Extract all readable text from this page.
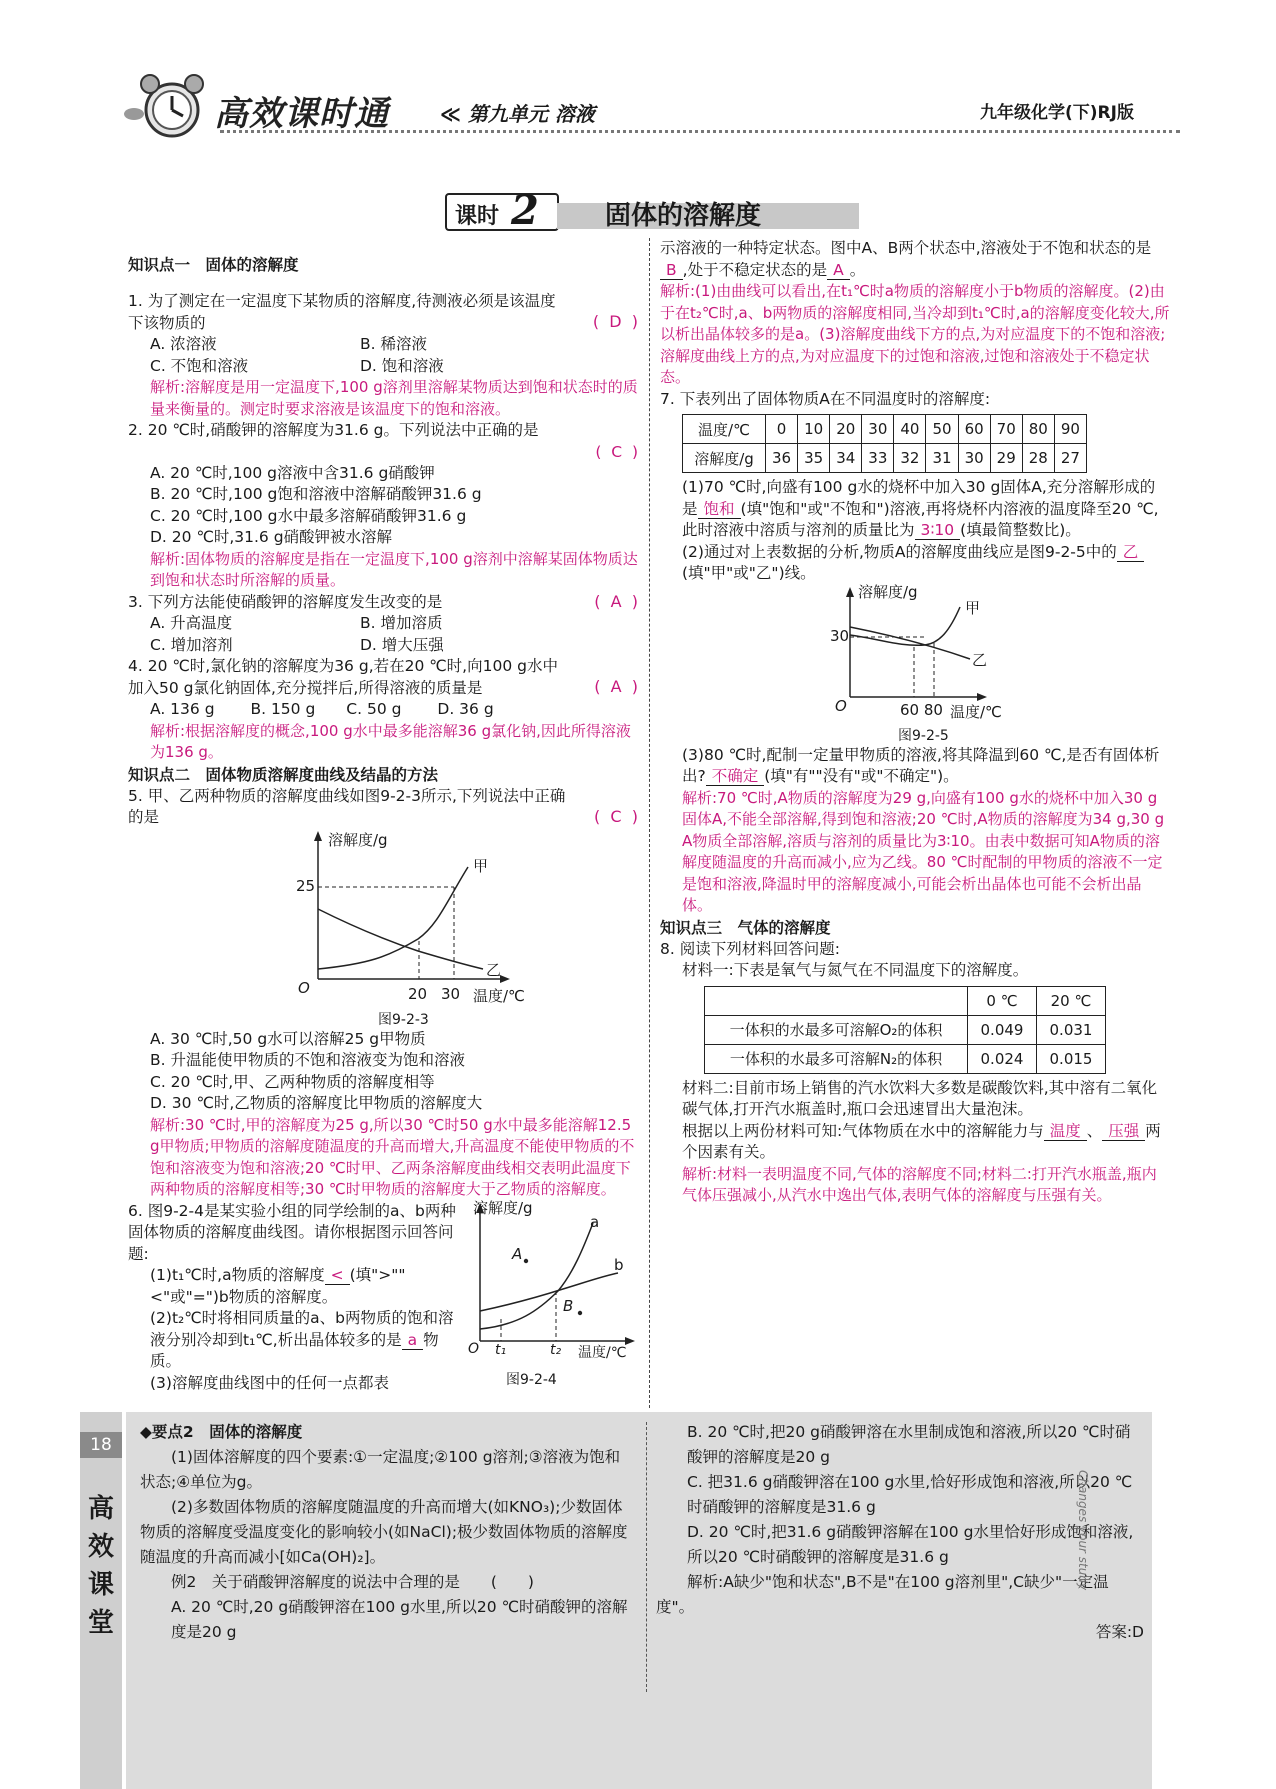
高效课时通	≪ 第九单元 溶液	九年级化学(下)RJ版
课时 2	固体的溶解度

知识点一　固体的溶解度

1. 为了测定在一定温度下某物质的溶解度,待测液必须是该温度下该物质的	(  D  )
A. 浓溶液	B. 稀溶液
C. 不饱和溶液	D. 饱和溶液

解析:溶解度是用一定温度下,100 g溶剂里溶解某物质达到饱和状态时的质量来衡量的。测定时要求溶液是该温度下的饱和溶液。

2. 20 ℃时,硝酸钾的溶解度为31.6 g。下列说法中正确的是

(  C  )

A. 20 ℃时,100 g溶液中含31.6 g硝酸钾

B. 20 ℃时,100 g饱和溶液中溶解硝酸钾31.6 g

C. 20 ℃时,100 g水中最多溶解硝酸钾31.6 g

D. 20 ℃时,31.6 g硝酸钾被水溶解

解析:固体物质的溶解度是指在一定温度下,100 g溶剂中溶解某固体物质达到饱和状态时所溶解的质量。

3. 下列方法能使硝酸钾的溶解度发生改变的是	(  A  )
A. 升高温度	B. 增加溶质
C. 增加溶剂	D. 增大压强

4. 20 ℃时,氯化钠的溶解度为36 g,若在20 ℃时,向100 g水中加入50 g氯化钠固体,充分搅拌后,所得溶液的质量是	(  A  )

A. 136 g　　 B. 150 g　　C. 50 g　　 D. 36 g

解析:根据溶解度的概念,100 g水中最多能溶解36 g氯化钠,因此所得溶液为136 g。

知识点二　固体物质溶解度曲线及结晶的方法

5. 甲、乙两种物质的溶解度曲线如图9-2-3所示,下列说法中正确的是	(  C  )
溶解度/g
25
甲
乙
O	20 30 温度/℃
图9-2-3

A. 30 ℃时,50 g水可以溶解25 g甲物质

B. 升温能使甲物质的不饱和溶液变为饱和溶液

C. 20 ℃时,甲、乙两种物质的溶解度相等

D. 30 ℃时,乙物质的溶解度比甲物质的溶解度大

解析:30 ℃时,甲的溶解度为25 g,所以30 ℃时50 g水中最多能溶解12.5 g甲物质;甲物质的溶解度随温度的升高而增大,升高温度不能使甲物质的不饱和溶液变为饱和溶液;20 ℃时甲、乙两条溶解度曲线相交表明此温度下两种物质的溶解度相等;30 ℃时甲物质的溶解度大于乙物质的溶解度。

6. 图9-2-4是某实验小组的同学绘制的a、b两种固体物质的溶解度曲线图。请你根据图示回答问题:

(1)t₁℃时,a物质的溶解度 < (填">""<"或"=")b物质的溶解度。

(2)t₂℃时将相同质量的a、b两物质的饱和溶液分别冷却到t₁℃,析出晶体较多的是 a 物质。

(3)溶解度曲线图中的任何一点都表

溶解度/g
a
b
A
B
O t₁	t₂ 温度/℃
图9-2-4

示溶液的一种特定状态。图中A、B两个状态中,溶液处于不饱和状态的是B ,处于不稳定状态的是 A 。

解析:(1)由曲线可以看出,在t₁℃时a物质的溶解度小于b物质的溶解度。(2)由于在t₂℃时,a、b两物质的溶解度相同,当冷却到t₁℃时,a的溶解度变化较大,所以析出晶体较多的是a。(3)溶解度曲线下方的点,为对应温度下的不饱和溶液;溶解度曲线上方的点,为对应温度下的过饱和溶液,过饱和溶液处于不稳定状态。

7. 下表列出了固体物质A在不同温度时的溶解度:

温度/℃	0	10	20	30	40	50	60	70	80	90
溶解度/g	36	35	34	33	32	31	30	29	28	27

(1)70 ℃时,向盛有100 g水的烧杯中加入30 g固体A,充分溶解形成的是 饱和 (填"饱和"或"不饱和")溶液,再将烧杯内溶液的温度降至20 ℃,此时溶液中溶质与溶剂的质量比为 3∶10 (填最简整数比)。

(2)通过对上表数据的分析,物质A的溶解度曲线应是图9-2-5中的 乙(填"甲"或"乙")线。

溶解度/g
甲
乙
30
O	60 80 温度/℃
图9-2-5

(3)80 ℃时,配制一定量甲物质的溶液,将其降温到60 ℃,是否有固体析出? 不确定 (填"有""没有"或"不确定")。

解析:70 ℃时,A物质的溶解度为29 g,向盛有100 g水的烧杯中加入30 g固体A,不能全部溶解,得到饱和溶液;20 ℃时,A物质的溶解度为34 g,30 g A物质全部溶解,溶质与溶剂的质量比为3∶10。由表中数据可知A物质的溶解度随温度的升高而减小,应为乙线。80 ℃时配制的甲物质的溶液不一定是饱和溶液,降温时甲的溶解度减小,可能会析出晶体也可能不会析出晶体。

知识点三　气体的溶解度

8. 阅读下列材料回答问题:

材料一:下表是氧气与氮气在不同温度下的溶解度。

	0 ℃	20 ℃
一体积的水最多可溶解O₂的体积	0.049	0.031
一体积的水最多可溶解N₂的体积	0.024	0.015

材料二:目前市场上销售的汽水饮料大多数是碳酸饮料,其中溶有二氧化碳气体,打开汽水瓶盖时,瓶口会迅速冒出大量泡沫。

根据以上两份材料可知:气体物质在水中的溶解能力与 温度 、 压强 两个因素有关。

解析:材料一表明温度不同,气体的溶解度不同;材料二:打开汽水瓶盖,瓶内气体压强减小,从汽水中逸出气体,表明气体的溶解度与压强有关。

18
高
效
课
堂

◆要点2　固体的溶解度

(1)固体溶解度的四个要素:①一定温度;②100 g溶剂;③溶液为饱和状态;④单位为g。

(2)多数固体物质的溶解度随温度的升高而增大(如KNO₃);少数固体物质的溶解度受温度变化的影响较小(如NaCl);极少数固体物质的溶解度随温度的升高而减小[如Ca(OH)₂]。

例2　关于硝酸钾溶解度的说法中合理的是　　(　　)

A. 20 ℃时,20 g硝酸钾溶在100 g水里,所以20 ℃时硝酸钾的溶解度是20 g

B. 20 ℃时,把20 g硝酸钾溶在水里制成饱和溶液,所以20 ℃时硝酸钾的溶解度是20 g

C. 把31.6 g硝酸钾溶在100 g水里,恰好形成饱和溶液,所以20 ℃时硝酸钾的溶解度是31.6 g

D. 20 ℃时,把31.6 g硝酸钾溶解在100 g水里恰好形成饱和溶液,所以20 ℃时硝酸钾的溶解度是31.6 g

解析:A缺少"饱和状态",B不是"在100 g溶剂里",C缺少"一定温度"。

答案:D

Changes your study
